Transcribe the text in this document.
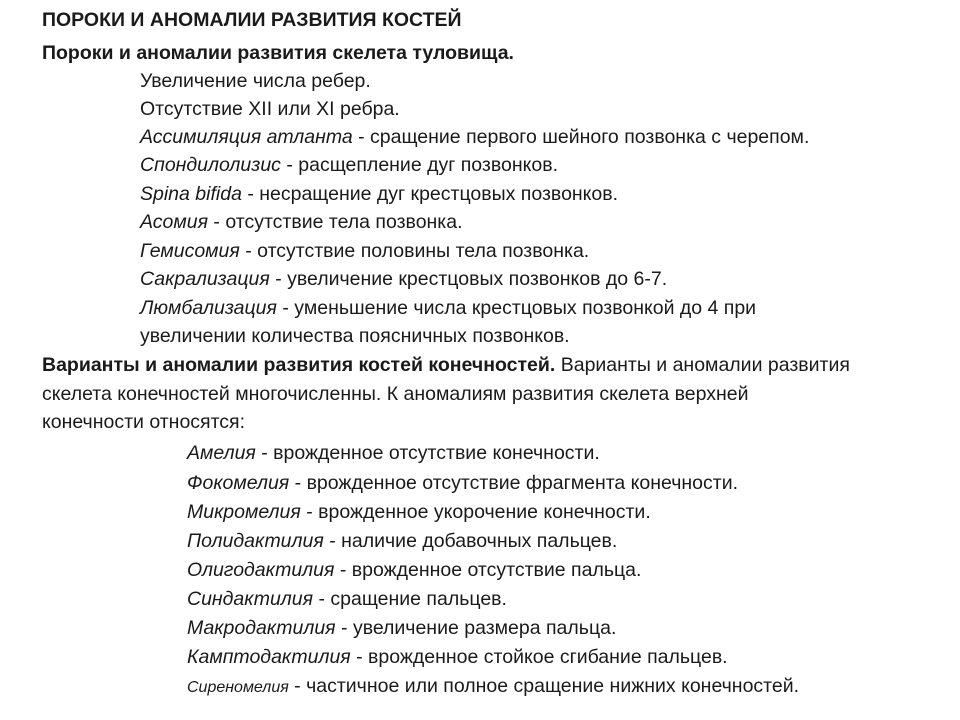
ПОРОКИ И АНОМАЛИИ РАЗВИТИЯ КОСТЕЙ
Пороки и аномалии развития скелета туловища.
Увеличение числа ребер.
Отсутствие XII или XI ребра.
Ассимиляция атланта - сращение первого шейного позвонка с черепом.
Спондилолизис - расщепление дуг позвонков.
Spina bifida - несращение дуг крестцовых позвонков.
Асомия - отсутствие тела позвонка.
Гемисомия - отсутствие половины тела позвонка.
Сакрализация - увеличение крестцовых позвонков до 6-7.
Люмбализация - уменьшение числа крестцовых позвонкой до 4 при
увеличении количества поясничных позвонков.
Варианты и аномалии развития костей конечностей. Варианты и аномалии развития
скелета конечностей многочисленны. К аномалиям развития скелета верхней
конечности относятся:
Амелия - врожденное отсутствие конечности.
Фокомелия - врожденное отсутствие фрагмента конечности.
Микромелия - врожденное укорочение конечности.
Полидактилия - наличие добавочных пальцев.
Олигодактилия - врожденное отсутствие пальца.
Синдактилия - сращение пальцев.
Макродактилия - увеличение размера пальца.
Камптодактилия - врожденное стойкое сгибание пальцев.
Сиреномелия - частичное или полное сращение нижних конечностей.
